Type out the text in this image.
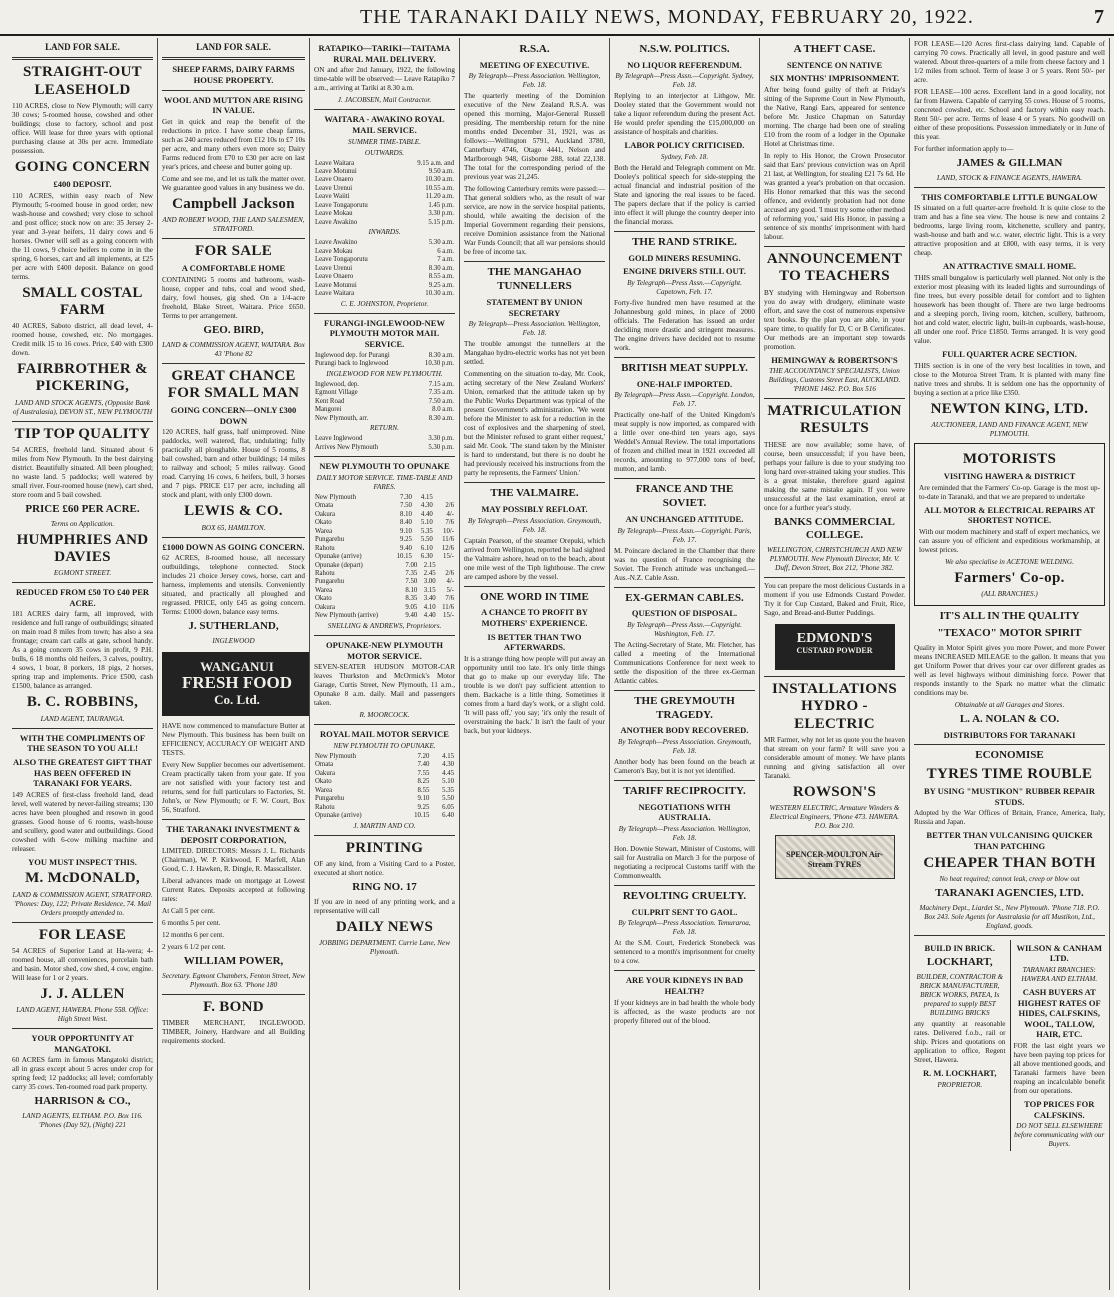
THE TARANAKI DAILY NEWS, MONDAY, FEBRUARY 20, 1922.	7
LAND FOR SALE.
STRAIGHT-OUT LEASEHOLD
110 ACRES, close to New Plymouth; will carry 30 cows; 5-roomed house, cowshed and other buildings; close to factory, school and post office. Will lease for three years with optional purchasing clause at 30s per acre. Immediate possession.
GOING CONCERN
£400 DEPOSIT.
110 ACRES, within easy reach of New Plymouth; 5-roomed house in good order, new wash-house and cowshed; very close to school and post office; stock now on are: 35 Jersey 2-year and 3-year heifers, 11 dairy cows and 6 horses. Owner will sell as a going concern with the 11 cows, 9 choice heifers to come in in the spring, 6 horses, cart and all implements, at £25 per acre with £400 deposit. Balance on good terms.
SMALL COSTAL FARM
40 ACRES, Saboto district, all dead level, 4-roomed house, cowshed, etc. No mortgages. Credit milk 15 to 16 cows. Price, £40 with £300 down.
FAIRBROTHER & PICKERING,
LAND AND STOCK AGENTS, (Opposite Bank of Australasia), DEVON ST., NEW PLYMOUTH
TIP TOP QUALITY
54 ACRES, freehold land. Situated about 6 miles from New Plymouth. In the best dairying district. Beautifully situated. All been ploughed; no waste land. 5 paddocks; well watered by small river. Four-roomed house (new), cart shed, store room and 5 bail cowshed.
PRICE £60 PER ACRE.
Terms on Application.
HUMPHRIES AND DAVIES
EGMONT STREET.
REDUCED FROM £50 TO £40 PER ACRE.
181 ACRES dairy farm, all improved, with residence and full range of outbuildings; situated on main road 8 miles from town; has also a sea frontage; cream cart calls at gate, school handy. As a going concern 35 cows in profit, 9 P.H. bulls, 6 18 months old heifers, 3 calves, poultry, 4 sows, 1 boar, 8 porkers, 18 pigs, 2 horses, spring trap and implements. Price £500, cash £1500, balance as arranged.
B. C. ROBBINS,
LAND AGENT, TAURANGA.
WITH THE COMPLIMENTS OF THE SEASON TO YOU ALL!
ALSO THE GREATEST GIFT THAT HAS BEEN OFFERED IN TARANAKI FOR YEARS.
149 ACRES of first-class freehold land, dead level, well watered by never-failing streams; 130 acres have been ploughed and resown in good grasses. Good house of 6 rooms, wash-house and scullery, good water and outbuildings. Good cowshed with 6-cow milking machine and releaser.
YOU MUST INSPECT THIS.
M. McDONALD,
LAND & COMMISSION AGENT, STRATFORD. 'Phones: Day, 122; Private Residence, 74. Mail Orders promptly attended to.
FOR LEASE
54 ACRES of Superior Land at Ha-wera; 4-roomed house, all conveniences, porcelain bath and basin. Motor shed, cow shed, 4 cow, engine. Will lease for 1 or 2 years.
J. J. ALLEN
LAND AGENT, HAWERA. Phone 558. Office: High Street West.
YOUR OPPORTUNITY AT MANGATOKI.
60 ACRES farm in famous Mangatoki district; all in grass except about 5 acres under crop for spring feed; 12 paddocks; all level; comfortably carry 35 cows. Ten-roomed road park property.
HARRISON & CO.,
LAND AGENTS, ELTHAM. P.O. Box 116. 'Phones (Day 92), (Night) 221
LAND FOR SALE.
SHEEP FARMS, DAIRY FARMS HOUSE PROPERTY.
WOOL AND MUTTON ARE RISING IN VALUE.
Get in quick and reap the benefit of the reductions in price. I have some cheap farms, such as 240 acres reduced from £12 10s to £7 10s per acre, and many others even more so; Dairy Farms reduced from £70 to £30 per acre on last year's prices, and cheese and butter going up.
Come and see me, and let us talk the matter over. We guarantee good values in any business we do.
Campbell Jackson
AND ROBERT WOOD, THE LAND SALESMEN, STRATFORD.
FOR SALE
A COMFORTABLE HOME
CONTAINING 5 rooms and bathroom, wash-house, copper and tubs, coal and wood shed, dairy, fowl houses, gig shed. On a 1/4-acre freehold, Blake Street, Waitara. Price £650. Terms to per arrangement.
GEO. BIRD,
LAND & COMMISSION AGENT, WAITARA. Box 43 'Phone 82
GREAT CHANCE FOR SMALL MAN
GOING CONCERN—ONLY £300 DOWN
120 ACRES, half grass, half unimproved. Nine paddocks, well watered, flat, undulating; fully practically all ploughable. House of 5 rooms, 8 bail cowshed, barn and other buildings; 14 miles to railway and school; 5 miles railway. Good road. Carrying 16 cows, 6 heifers, bull, 3 horses and 7 pigs. PRICE £17 per acre, including all stock and plant, with only £300 down.
LEWIS & CO.
BOX 65, HAMILTON.
£1000 DOWN AS GOING CONCERN.
62 ACRES, 8-roomed house, all necessary outbuildings, telephone connected. Stock includes 21 choice Jersey cows, horse, cart and harness, implements and utensils. Conveniently situated, and practically all ploughed and regrassed. PRICE, only £45 as going concern. Terms: £1000 down, balance easy terms.
J. SUTHERLAND,
INGLEWOOD
WANGANUI
FRESH FOOD
Co. Ltd.
HAVE now commenced to manufacture Butter at New Plymouth. This business has been built on EFFICIENCY, ACCURACY OF WEIGHT AND TESTS.
Every New Supplier becomes our advertisement. Cream practically taken from your gate. If you are not satisfied with your factory test and returns, send for full particulars to Factories, St. John's, or New Plymouth; or F. W. Court, Box 56, Stratford.
THE TARANAKI INVESTMENT & DEPOSIT CORPORATION,
LIMITED. DIRECTORS: Messrs J. L. Richards (Chairman), W. P. Kirkwood, F. Marfell, Alan Good, C. J. Hawken, R. Dingle, R. Masscallster.
Liberal advances made on mortgage at Lowest Current Rates. Deposits accepted at following rates:
At Call 5 per cent.
6 months 5 per cent.
12 months 6 per cent.
2 years 6 1/2 per cent.
WILLIAM POWER,
Secretary. Egmont Chambers, Fenton Street, New Plymouth. Box 63. 'Phone 180
F. BOND
TIMBER MERCHANT, INGLEWOOD. TIMBER, Joinery, Hardware and all Building requirements stocked.
RATAPIKO—TARIKI—TAITAMA RURAL MAIL DELIVERY.
ON and after 2nd January, 1922, the following time-table will be observed:— Leave Ratapiko 7 a.m., arriving at Tariki at 8.30 a.m.
J. JACOBSEN, Mail Contractor.
WAITARA - AWAKINO ROYAL MAIL SERVICE.
SUMMER TIME-TABLE.
OUTWARDS.
Leave Waitara	9.15 a.m. and
Leave Motunui	9.50 a.m.
Leave Onaero	10.30 a.m.
Leave Urenui	10.55 a.m.
Leave Waiiti	11.20 a.m.
Leave Tongaporutu	1.45 p.m.
Leave Mokau	3.30 p.m.
Leave Awakino	5.15 p.m.
INWARDS.
Leave Awakino	5.30 a.m.
Leave Mokau	6 a.m.
Leave Tongaporutu	7 a.m.
Leave Urenui	8.30 a.m.
Leave Onaero	8.55 a.m.
Leave Motunui	9.25 a.m.
Leave Waitara	10.30 a.m.
C. E. JOHNSTON, Proprietor.
FURANGI-INGLEWOOD-NEW PLYMOUTH MOTOR MAIL SERVICE.
Inglewood dep. for Purangi	8.30 a.m.
Purangi back to Inglewood	10.30 p.m.
INGLEWOOD FOR NEW PLYMOUTH.
Inglewood, dep.	7.15 a.m.
Egmont Village	7.35 a.m.
Kent Road	7.50 a.m.
Mangorei	8.0 a.m.
New Plymouth, arr.	8.30 a.m.
RETURN.
Leave Inglewood	3.30 p.m.
Arrives New Plymouth	5.30 p.m.
NEW PLYMOUTH TO OPUNAKE
DAILY MOTOR SERVICE. TIME-TABLE AND FARES.
New Plymouth	7.30	4.15	
Omata	7.50	4.30	2/6
Oakura	8.10	4.40	4/-
Okato	8.40	5.10	7/6
Warea	9.10	5.35	10/-
Pungarehu	9.25	5.50	11/6
Rahotu	9.40	6.10	12/6
Opunake (arrive)	10.15	6.30	15/-
Opunake (depart)	7.00	2.15	
Rahotu	7.35	2.45	2/6
Pungarehu	7.50	3.00	4/-
Warea	8.10	3.15	5/-
Okato	8.35	3.40	7/6
Oakura	9.05	4.10	11/6
New Plymouth (arrive)	9.40	4.40	15/-
SNELLING & ANDREWS, Proprietors.
OPUNAKE-NEW PLYMOUTH MOTOR SERVICE.
SEVEN-SEATER HUDSON MOTOR-CAR leaves Thurkston and McOrmick's Motor Garage, Curtis Street, New Plymouth, 11 a.m., Opunake 8 a.m. daily. Mail and passengers taken.
R. MOORCOCK.
ROYAL MAIL MOTOR SERVICE
NEW PLYMOUTH TO OPUNAKE.
New Plymouth	7.20	4.15
Omata	7.40	4.30
Oakura	7.55	4.45
Okato	8.25	5.10
Warea	8.55	5.35
Pungarehu	9.10	5.50
Rahotu	9.25	6.05
Opunake (arrive)	10.15	6.40
J. MARTIN AND CO.
PRINTING
OF any kind, from a Visiting Card to a Poster, executed at short notice.
RING NO. 17
If you are in need of any printing work, and a representative will call
DAILY NEWS
JOBBING DEPARTMENT. Currie Lane, New Plymouth.
R.S.A.
MEETING OF EXECUTIVE.
By Telegraph—Press Association. Wellington, Feb. 18.
The quarterly meeting of the Dominion executive of the New Zealand R.S.A. was opened this morning, Major-General Russell presiding. The membership return for the nine months ended December 31, 1921, was as follows:—Wellington 5791, Auckland 3780, Canterbury 4746, Otago 4441, Nelson and Marlborough 948, Gisborne 288, total 22,138. The total for the corresponding period of the previous year was 21,245.
The following Canterbury remits were passed:—That general soldiers who, as the result of war service, are now in the service hospital patients, should, while awaiting the decision of the Imperial Government regarding their pensions, receive Dominion assistance from the National War Funds Council; that all war pensions should be free of income tax.
THE MANGAHAO TUNNELLERS
STATEMENT BY UNION SECRETARY
By Telegraph—Press Association. Wellington, Feb. 18.
The trouble amongst the tunnellers at the Mangahao hydro-electric works has not yet been settled.
Commenting on the situation to-day, Mr. Cook, acting secretary of the New Zealand Workers' Union, remarked that the attitude taken up by the Public Works Department was typical of the present Government's administration. 'We went before the Minister to ask for a reduction in the cost of explosives and the sharpening of steel, but the Minister refused to grant either request,' said Mr. Cook. 'The stand taken by the Minister is hard to understand, but there is no doubt he had previously received his instructions from the party he represents, the Farmers' Union.'
THE VALMAIRE.
MAY POSSIBLY REFLOAT.
By Telegraph—Press Association. Greymouth, Feb. 18.
Captain Pearson, of the steamer Orepuki, which arrived from Wellington, reported he had sighted the Valmaire ashore, head on to the beach, about one mile west of the Tiph lighthouse. The crew are camped ashore by the vessel.
ONE WORD IN TIME
A CHANCE TO PROFIT BY MOTHERS' EXPERIENCE.
IS BETTER THAN TWO AFTERWARDS.
It is a strange thing how people will put away an opportunity until too late. It's only little things that go to make up our everyday life. The trouble is we don't pay sufficient attention to them. Backache is a little thing. Sometimes it comes from a hard day's work, or a slight cold. 'It will pass off,' you say; 'it's only the result of overstraining the back.' It isn't the fault of your back, but your kidneys.
N.S.W. POLITICS.
NO LIQUOR REFERENDUM.
By Telegraph—Press Assn.—Copyright. Sydney, Feb. 18.
Replying to an interjector at Lithgow, Mr. Dooley stated that the Government would not take a liquor referendum during the present Act. He would prefer spending the £15,000,000 on assistance of hospitals and charities.
LABOR POLICY CRITICISED.
Sydney, Feb. 18.
Both the Herald and Telegraph comment on Mr. Dooley's political speech for side-stepping the actual financial and industrial position of the State and ignoring the real issues to be faced. The papers declare that if the policy is carried into effect it will plunge the country deeper into the financial morass.
THE RAND STRIKE.
GOLD MINERS RESUMING.
ENGINE DRIVERS STILL OUT.
By Telegraph—Press Assn.—Copyright. Capetown, Feb. 17.
Forty-five hundred men have resumed at the Johannesburg gold mines, in place of 2000 officials. The Federation has issued an order decidiing more drastic and stringent measures. The engine drivers have decided not to resume work.
BRITISH MEAT SUPPLY.
ONE-HALF IMPORTED.
By Telegraph—Press Assn.—Copyright. London, Feb. 17.
Practically one-half of the United Kingdom's meat supply is now imported, as compared with a little over one-third ten years ago, says Weddel's Annual Review. The total importations of frozen and chilled meat in 1921 exceeded all records, amounting to 977,000 tons of beef, mutton, and lamb.
FRANCE AND THE SOVIET.
AN UNCHANGED ATTITUDE.
By Telegraph—Press Assn.—Copyright. Paris, Feb. 17.
M. Poincare declared in the Chamber that there was no question of France recognising the Soviet. The French attitude was unchanged.—Aus.-N.Z. Cable Assn.
EX-GERMAN CABLES.
QUESTION OF DISPOSAL.
By Telegraph—Press Assn.—Copyright. Washington, Feb. 17.
The Acting-Secretary of State, Mr. Fletcher, has called a meeting of the International Communications Conference for next week to settle the disposition of the three ex-German Atlantic cables.
THE GREYMOUTH TRAGEDY.
ANOTHER BODY RECOVERED.
By Telegraph—Press Association. Greymouth, Feb. 18.
Another body has been found on the beach at Cameron's Bay, but it is not yet identified.
TARIFF RECIPROCITY.
NEGOTIATIONS WITH AUSTRALIA.
By Telegraph—Press Association. Wellington, Feb. 18.
Hon. Downie Stewart, Minister of Customs, will sail for Australia on March 3 for the purpose of negotiating a reciprocal Customs tariff with the Commonwealth.
REVOLTING CRUELTY.
CULPRIT SENT TO GAOL.
By Telegraph—Press Association. Temuraroa, Feb. 18.
At the S.M. Court, Frederick Stonebeck was sentenced to a month's imprisonment for cruelty to a cow.
ARE YOUR KIDNEYS IN BAD HEALTH?
If your kidneys are in bad health the whole body is affected, as the waste products are not properly filtered out of the blood.
A THEFT CASE.
SENTENCE ON NATIVE
SIX MONTHS' IMPRISONMENT.
After being found guilty of theft at Friday's sitting of the Supreme Court in New Plymouth, the Native, Rangi Ears, appeared for sentence before Mr. Justice Chapman on Saturday morning. The charge had been one of stealing £10 from the room of a lodger in the Opunake Hotel at Christmas time.
In reply to His Honor, the Crown Prosecutor said that Ears' previous conviction was on April 21 last, at Wellington, for stealing £21 7s 6d. He was granted a year's probation on that occasion. His Honor remarked that this was the second offence, and evidently probation had not done accused any good. 'I must try some other method of reforming you,' said His Honor, in passing a sentence of six months' imprisonment with hard labour.
ANNOUNCEMENT TO TEACHERS
BY studying with Hemingway and Robertson you do away with drudgery, eliminate waste effort, and save the cost of numerous expensive text books. By the plan you are able, in your spare time, to qualify for D, C or B Certificates. Our methods are an important step towards promotion.
HEMINGWAY & ROBERTSON'S
THE ACCOUNTANCY SPECIALISTS, Union Buildings, Customs Street East, AUCKLAND. 'PHONE 1462. P.O. Box 516
MATRICULATION RESULTS
THESE are now available; some have, of course, been unsuccessful; if you have been, perhaps your failure is due to your studying too long hard over-strained taking your studies. This is a great mistake, therefore guard against making the same mistake again. If you were unsuccessful at the last examination, enrol at once for a further year's study.
BANKS COMMERCIAL COLLEGE.
WELLINGTON, CHRISTCHURCH AND NEW PLYMOUTH. New Plymouth Director, Mr. V. Duff, Devon Street, Box 212, 'Phone 382.
You can prepare the most delicious Custards in a moment if you use Edmonds Custard Powder. Try it for Cup Custard, Baked and Fruit, Rice, Sago, and Bread-and-Butter Puddings.
EDMOND'S
CUSTARD POWDER
INSTALLATIONS HYDRO - ELECTRIC
MR Farmer, why not let us quote you the heaven that stream on your farm? It will save you a considerable amount of money. We have plants running and giving satisfaction all over Taranaki.
ROWSON'S
WESTERN ELECTRIC, Armature Winders & Electrical Engineers, 'Phone 473. HAWERA. P.O. Box 210.
SPENCER-MOULTON Air-Stream TYRES
FOR LEASE—120 Acres first-class dairying land. Capable of carrying 70 cows. Practically all level, in good pasture and well watered. About three-quarters of a mile from cheese factory and 1 1/2 miles from school. Term of lease 3 or 5 years. Rent 50/- per acre.
FOR LEASE—100 acres. Excellent land in a good locality, not far from Hawera. Capable of carrying 55 cows. House of 5 rooms, concreted cowshed, etc. School and factory within easy reach. Rent 50/- per acre. Terms of lease 4 or 5 years. No goodwill on either of these propositions. Possession immediately or in June of this year.
For further information apply to—
JAMES & GILLMAN
LAND, STOCK & FINANCE AGENTS, HAWERA.
THIS COMFORTABLE LITTLE BUNGALOW
IS situated on a full quarter-acre freehold. It is quite close to the tram and has a fine sea view. The house is new and contains 2 bedrooms, large living room, kitchenette, scullery and pantry, wash-house and bath and w.c. water, electric light. This is a very attractive proposition and at £800, with easy terms, it is very cheap.
AN ATTRACTIVE SMALL HOME.
THIS small bungalow is particularly well planned. Not only is the exterior most pleasing with its leaded lights and surroundings of fine trees, but every possible detail for comfort and to lighten housework has been thought of. There are two large bedrooms and a sleeping porch, living room, kitchen, scullery, bathroom, hot and cold water, electric light, built-in cupboards, wash-house, all under one roof. Price £1850. Terms arranged. It is very good value.
FULL QUARTER ACRE SECTION.
THIS section is in one of the very best localities in town, and close to the Moturoa Street Tram. It is planted with many fine native trees and shrubs. It is seldom one has the opportunity of buying a section at a price like £350.
NEWTON KING, LTD.
AUCTIONEER, LAND AND FINANCE AGENT, NEW PLYMOUTH.
MOTORISTS
VISITING HAWERA & DISTRICT
Are reminded that the Farmers' Co-op. Garage is the most up-to-date in Taranaki, and that we are prepared to undertake
ALL MOTOR & ELECTRICAL REPAIRS AT SHORTEST NOTICE.
With our modern machinery and staff of expert mechanics, we can assure you of efficient and expeditious workmanship, at lowest prices.
We also specialise in ACETONE WELDING.
Farmers' Co-op.
(ALL BRANCHES.)
IT'S ALL IN THE QUALITY
"TEXACO" MOTOR SPIRIT
Quality in Motor Spirit gives you more Power, and more Power means INCREASED MILEAGE to the gallon. It means that you get Uniform Power that drives your car over different grades as well as level highways without diminishing force. Power that responds instantly to the Spark no matter what the climatic conditions may be.
Obtainable at all Garages and Stores.
L. A. NOLAN & CO.
DISTRIBUTORS FOR TARANAKI
ECONOMISE
TYRES TIME ROUBLE
BY USING "MUSTIKON" RUBBER REPAIR STUDS.
Adopted by the War Offices of Britain, France, America, Italy, Russia and Japan.
BETTER THAN VULCANISING QUICKER THAN PATCHING
CHEAPER THAN BOTH
No heat required; cannot leak, creep or blow out
TARANAKI AGENCIES, LTD.
Machinery Dept., Liardet St., New Plymouth. 'Phone 718. P.O. Box 243. Sole Agents for Australasia for all Mustikon, Ltd., England, goods.
BUILD IN BRICK.
LOCKHART,
BUILDER, CONTRACTOR & BRICK MANUFACTURER, BRICK WORKS, PATEA, Is prepared to supply BEST BUILDING BRICKS
any quantity at reasonable rates. Delivered f.o.b., rail or ship. Prices and quotations on application to office, Regent Street, Hawera.
R. M. LOCKHART,
PROPRIETOR.
WILSON & CANHAM LTD.
TARANAKI BRANCHES: HAWERA AND ELTHAM.
CASH BUYERS AT HIGHEST RATES OF HIDES, CALFSKINS, WOOL, TALLOW, HAIR, ETC.
FOR the last eight years we have been paying top prices for all above mentioned goods, and Taranaki farmers have been reaping an incalculable benefit from our operations.
TOP PRICES FOR CALFSKINS.
DO NOT SELL ELSEWHERE before communicating with our Buyers.
